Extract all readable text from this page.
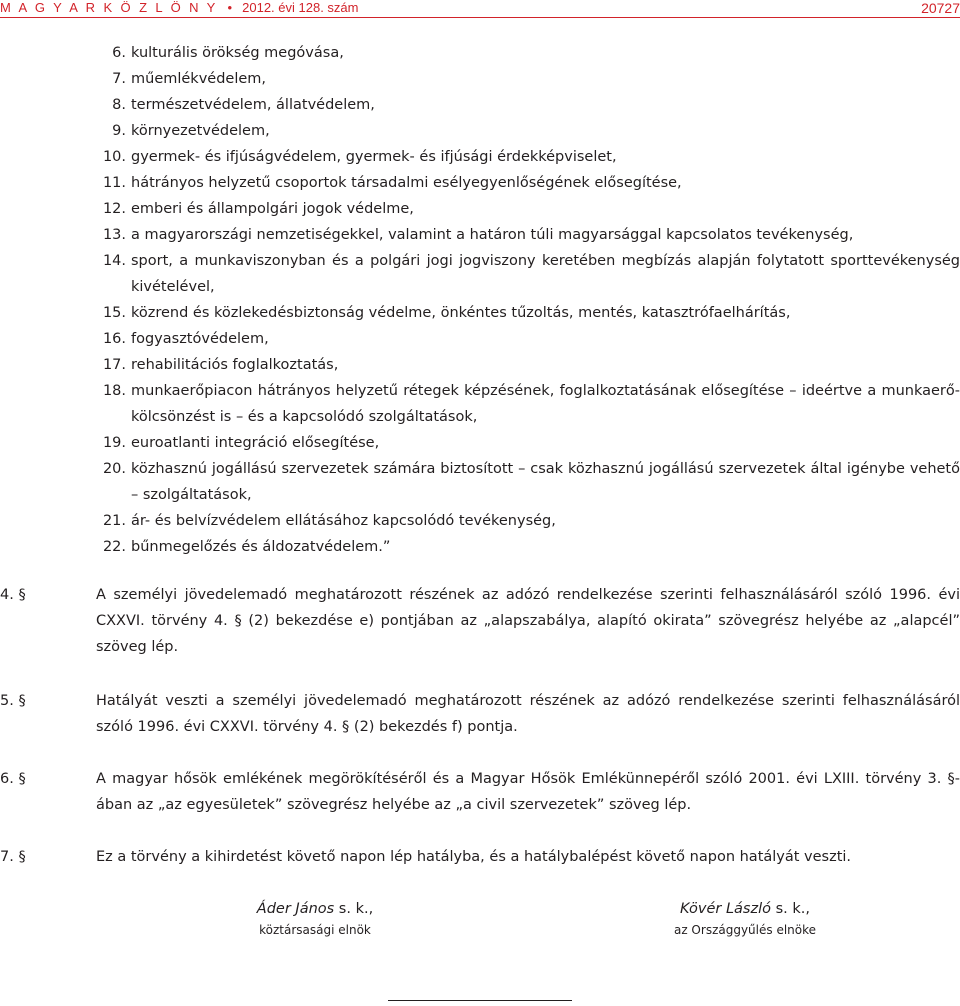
M A G Y A R K Ö Z L Ö N Y • 2012. évi 128. szám	20727
6. kulturális örökség megóvása,
7. műemlékvédelem,
8. természetvédelem, állatvédelem,
9. környezetvédelem,
10. gyermek- és ifjúságvédelem, gyermek- és ifjúsági érdekképviselet,
11. hátrányos helyzetű csoportok társadalmi esélyegyenlőségének elősegítése,
12. emberi és állampolgári jogok védelme,
13. a magyarországi nemzetiségekkel, valamint a határon túli magyarsággal kapcsolatos tevékenység,
14. sport, a munkaviszonyban és a polgári jogi jogviszony keretében megbízás alapján folytatott sporttevékenység kivételével,
15. közrend és közlekedésbiztonság védelme, önkéntes tűzoltás, mentés, katasztrófaelhárítás,
16. fogyasztóvédelem,
17. rehabilitációs foglalkoztatás,
18. munkaerőpiacon hátrányos helyzetű rétegek képzésének, foglalkoztatásának elősegítése – ideértve a munkaerő-kölcsönzést is – és a kapcsolódó szolgáltatások,
19. euroatlanti integráció elősegítése,
20. közhasznú jogállású szervezetek számára biztosított – csak közhasznú jogállású szervezetek által igénybe vehető – szolgáltatások,
21. ár- és belvízvédelem ellátásához kapcsolódó tevékenység,
22. bűnmegelőzés és áldozatvédelem.”
4. §	A személyi jövedelemadó meghatározott részének az adózó rendelkezése szerinti felhasználásáról szóló 1996. évi CXXVI. törvény 4. § (2) bekezdése e) pontjában az „alapszabálya, alapító okirata” szövegrész helyébe az „alapcél” szöveg lép.
5. §	Hatályát veszti a személyi jövedelemadó meghatározott részének az adózó rendelkezése szerinti felhasználásáról szóló 1996. évi CXXVI. törvény 4. § (2) bekezdés f) pontja.
6. §	A magyar hősök emlékének megörökítéséről és a Magyar Hősök Emlékünnepéről szóló 2001. évi LXIII. törvény 3. §-ában az „az egyesületek” szövegrész helyébe az „a civil szervezetek” szöveg lép.
7. §	Ez a törvény a kihirdetést követő napon lép hatályba, és a hatálybalépést követő napon hatályát veszti.
Áder János s. k.,
köztársasági elnök
Kövér László s. k.,
az Országgyűlés elnöke
